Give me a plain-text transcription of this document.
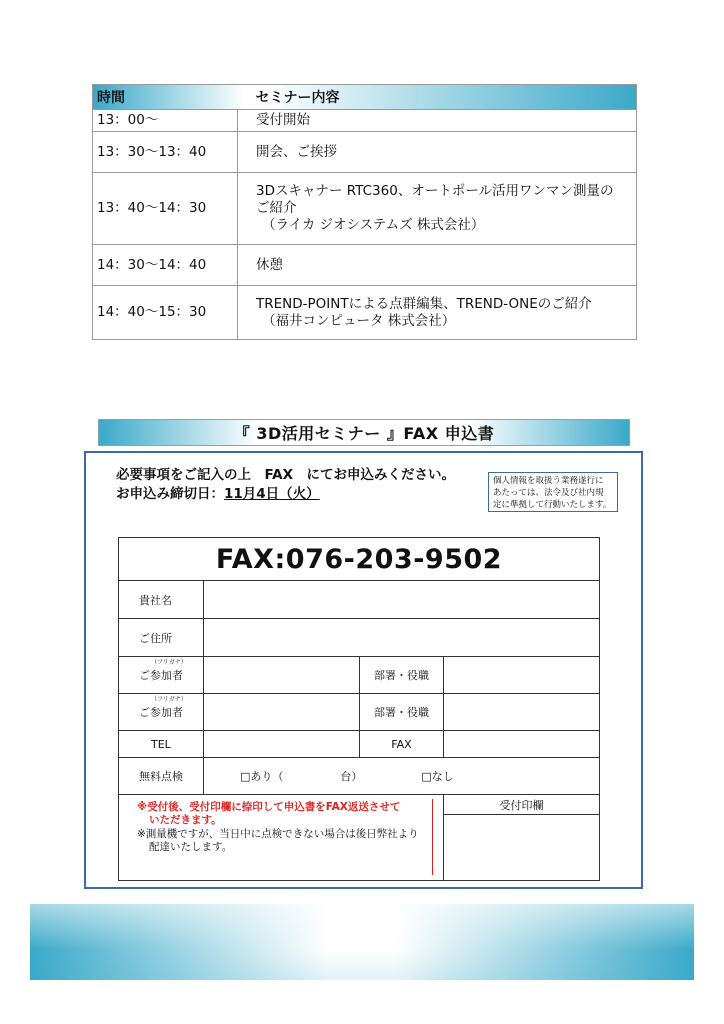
時間	セミナー内容
13：00～	受付開始

13：30～13：40	開会、ご挨拶

13：40～14：30	3Dスキャナー RTC360、オートポール活用ワンマン測量の
ご紹介
（ライカ ジオシステムズ 株式会社）

14：30～14：40	休憩

14：40～15：30	TREND-POINTによる点群編集、TREND-ONEのご紹介
（福井コンピュータ 株式会社）
『 3D活用セミナー 』FAX 申込書
必要事項をご記入の上　FAX　にてお申込みください。
お申込み締切日：11月4日（火）
個人情報を取扱う業務遂行に
あたっては、法令及び社内規
定に準拠して行動いたします。
FAX:076-203-9502			
貴社名			
ご住所			

（フリガナ）
ご参加者		部署・役職	

（フリガナ）
ご参加者		部署・役職	
TEL		FAX	
無料点検	□あり（ 台） □なし		

※受付後、受付印欄に捺印して申込書をFAX返送させて
いただきます。
※測量機ですが、当日中に点検できない場合は後日弊社より
配達いたします。			受付印欄
